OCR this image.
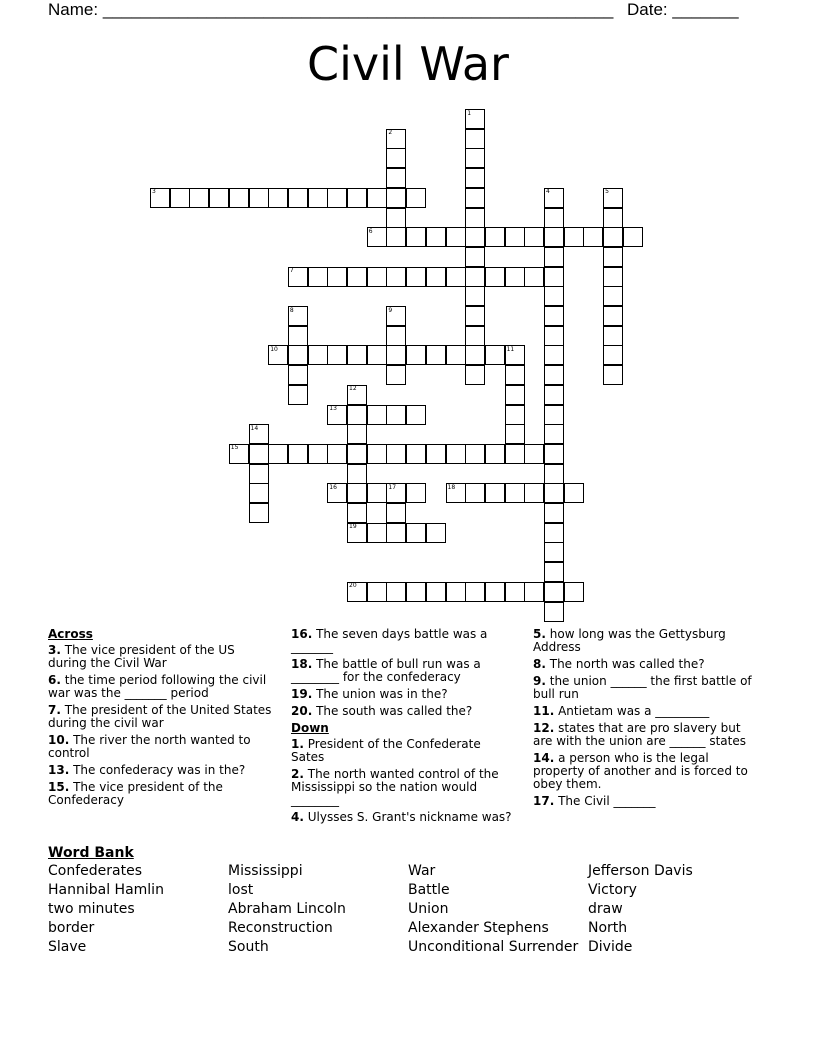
Name: ______________________________________________________ Date: _______
Civil War
1
2
3	4	5
6
7
8	9
10	11
12
13
14
15
16	17	18
19
20
Across
3. The vice president of the US during the Civil War
6. the time period following the civil war was the _______ period
7. The president of the United States during the civil war
10. The river the north wanted to control
13. The confederacy was in the?
15. The vice president of the Confederacy
16. The seven days battle was a _______
18. The battle of bull run was a ________ for the confederacy
19. The union was in the?
20. The south was called the?
Down
1. President of the Confederate Sates
2. The north wanted control of the Mississippi so the nation would ________
4. Ulysses S. Grant's nickname was?
5. how long was the Gettysburg Address
8. The north was called the?
9. the union ______ the first battle of bull run
11. Antietam was a _________
12. states that are pro slavery but are with the union are ______ states
14. a person who is the legal property of another and is forced to obey them.
17. The Civil _______
Word Bank
Confederates
Hannibal Hamlin
two minutes
border
Slave
Mississippi
lost
Abraham Lincoln
Reconstruction
South
War
Battle
Union
Alexander Stephens
Unconditional Surrender
Jefferson Davis
Victory
draw
North
Divide
